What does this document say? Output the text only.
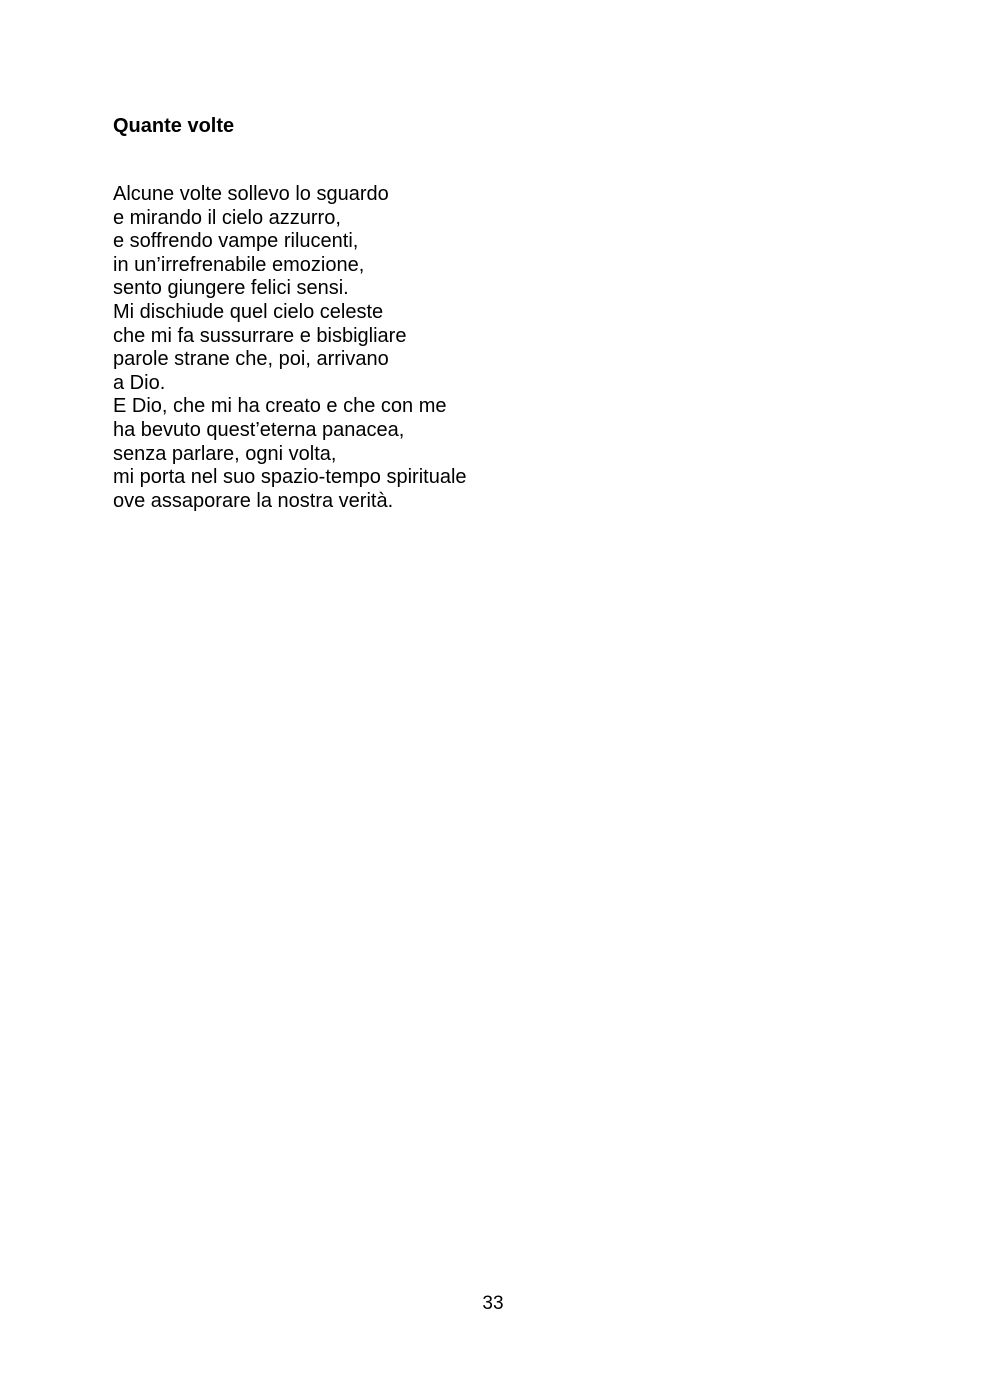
Quante volte
Alcune volte sollevo lo sguardo
e mirando il cielo azzurro,
e soffrendo vampe rilucenti,
in un’irrefrenabile emozione,
sento giungere felici sensi.
Mi dischiude quel cielo celeste
che mi fa sussurrare e bisbigliare
parole strane che, poi, arrivano
a Dio.
E Dio, che mi ha creato e che con me
ha bevuto quest’eterna panacea,
senza parlare, ogni volta,
mi porta nel suo spazio-tempo spirituale
ove assaporare la nostra verità.
33
